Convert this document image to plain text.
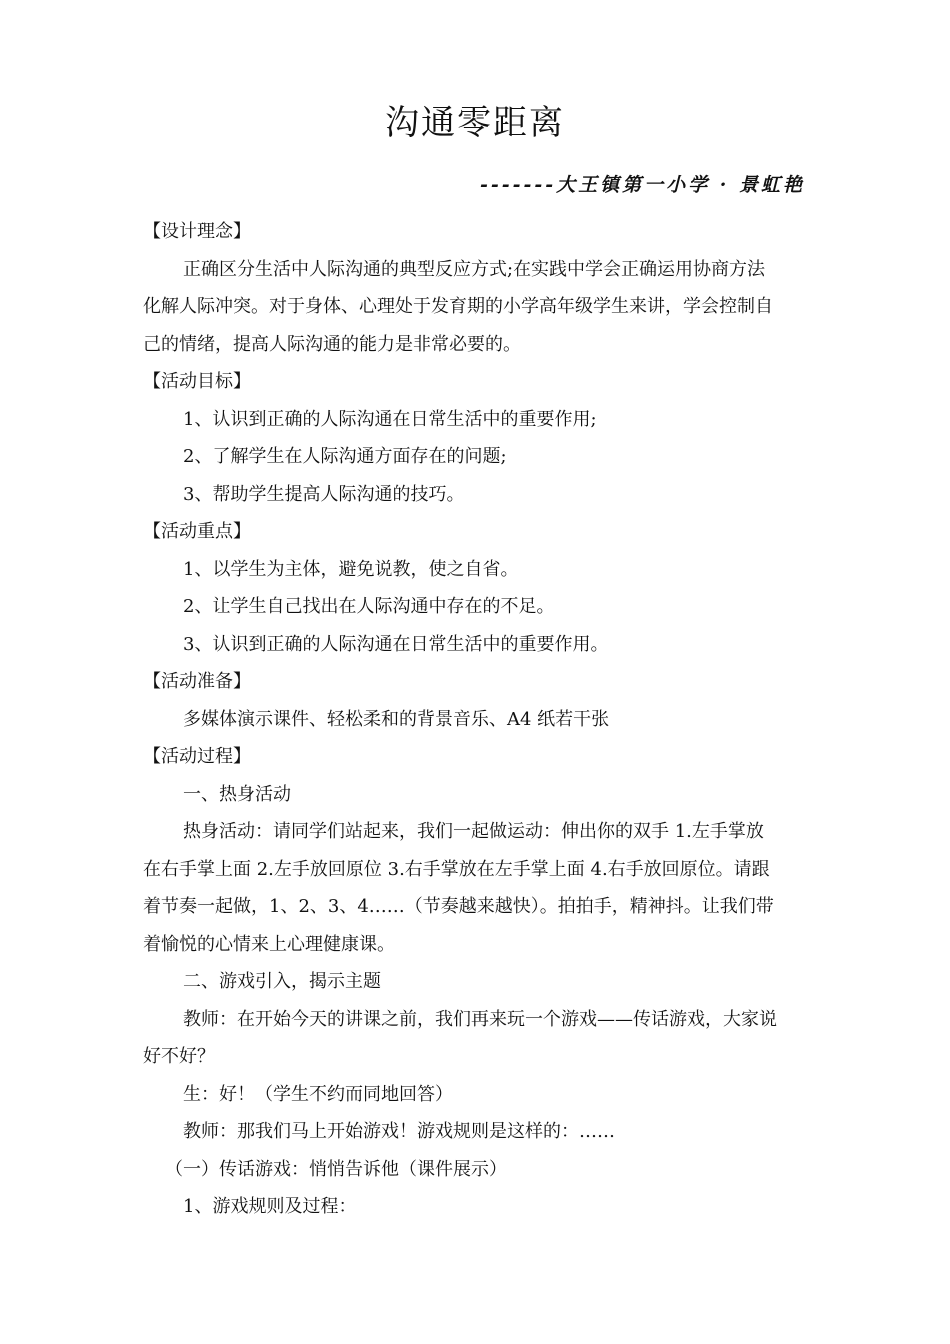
沟通零距离
-------大王镇第一小学 · 景虹艳
【设计理念】
正确区分生活中人际沟通的典型反应方式;在实践中学会正确运用协商方法
化解人际冲突。对于身体、心理处于发育期的小学高年级学生来讲，学会控制自
己的情绪，提高人际沟通的能力是非常必要的。
【活动目标】
1、认识到正确的人际沟通在日常生活中的重要作用;
2、了解学生在人际沟通方面存在的问题;
3、帮助学生提高人际沟通的技巧。
【活动重点】
1、以学生为主体，避免说教，使之自省。
2、让学生自己找出在人际沟通中存在的不足。
3、认识到正确的人际沟通在日常生活中的重要作用。
【活动准备】
多媒体演示课件、轻松柔和的背景音乐、A4 纸若干张
【活动过程】
一、热身活动
热身活动：请同学们站起来，我们一起做运动：伸出你的双手 1.左手掌放
在右手掌上面 2.左手放回原位 3.右手掌放在左手掌上面 4.右手放回原位。请跟
着节奏一起做，1、2、3、4……（节奏越来越快）。拍拍手，精神抖。让我们带
着愉悦的心情来上心理健康课。
二、游戏引入，揭示主题
教师：在开始今天的讲课之前，我们再来玩一个游戏——传话游戏，大家说
好不好？
生：好！（学生不约而同地回答）
教师：那我们马上开始游戏！游戏规则是这样的：……
（一）传话游戏：悄悄告诉他（课件展示）
1、游戏规则及过程：
